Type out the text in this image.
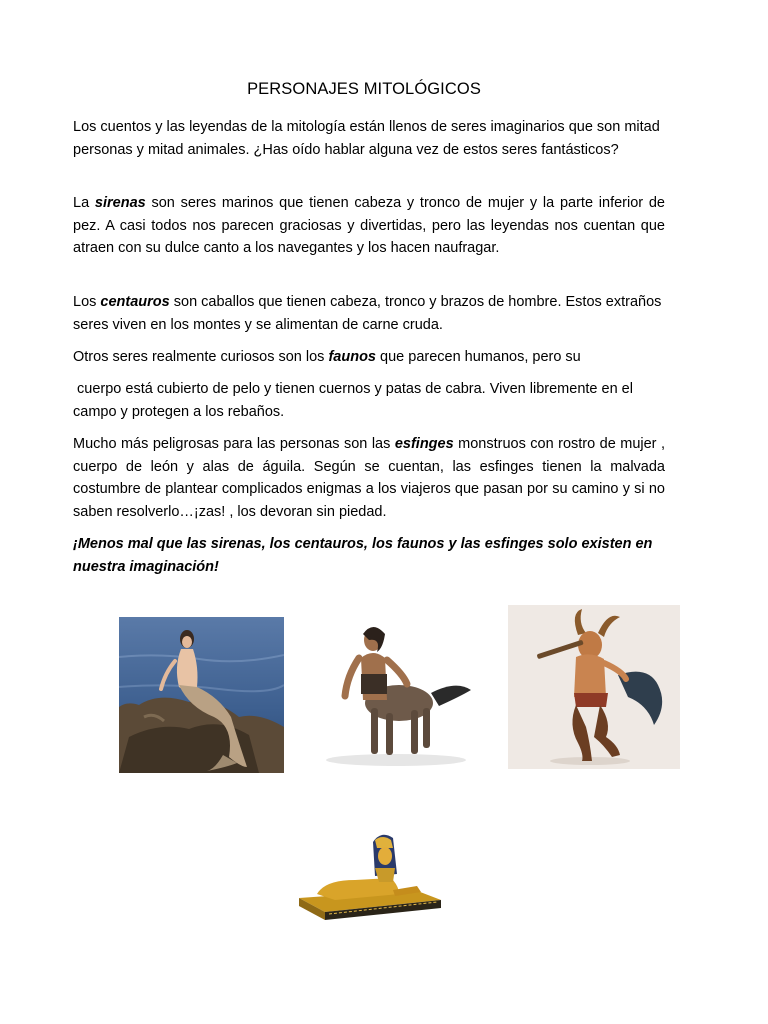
PERSONAJES MITOLÓGICOS

Los cuentos y las leyendas de la mitología están llenos de seres imaginarios que son mitad personas y mitad animales. ¿Has oído hablar alguna vez de estos seres fantásticos?

La sirenas son seres marinos que tienen cabeza y tronco de mujer y la parte inferior de pez. A casi todos nos parecen graciosas y divertidas, pero las leyendas nos cuentan que atraen con su dulce canto a los navegantes y los hacen naufragar.

Los centauros son caballos que tienen cabeza, tronco y brazos de hombre. Estos extraños seres viven en los montes y se alimentan de carne cruda.

Otros seres realmente curiosos son los faunos que parecen humanos, pero su

cuerpo está cubierto de pelo y tienen cuernos y patas de cabra. Viven libremente en el campo y protegen a los rebaños.

Mucho más peligrosas para las personas son las esfinges monstruos con rostro de mujer , cuerpo de león y alas de águila. Según se cuentan, las esfinges tienen la malvada costumbre de plantear complicados enigmas a los viajeros que pasan por su camino y si no saben resolverlo…¡zas! , los devoran sin piedad.

¡Menos mal que las sirenas, los centauros, los faunos y las esfinges solo existen en nuestra imaginación!
